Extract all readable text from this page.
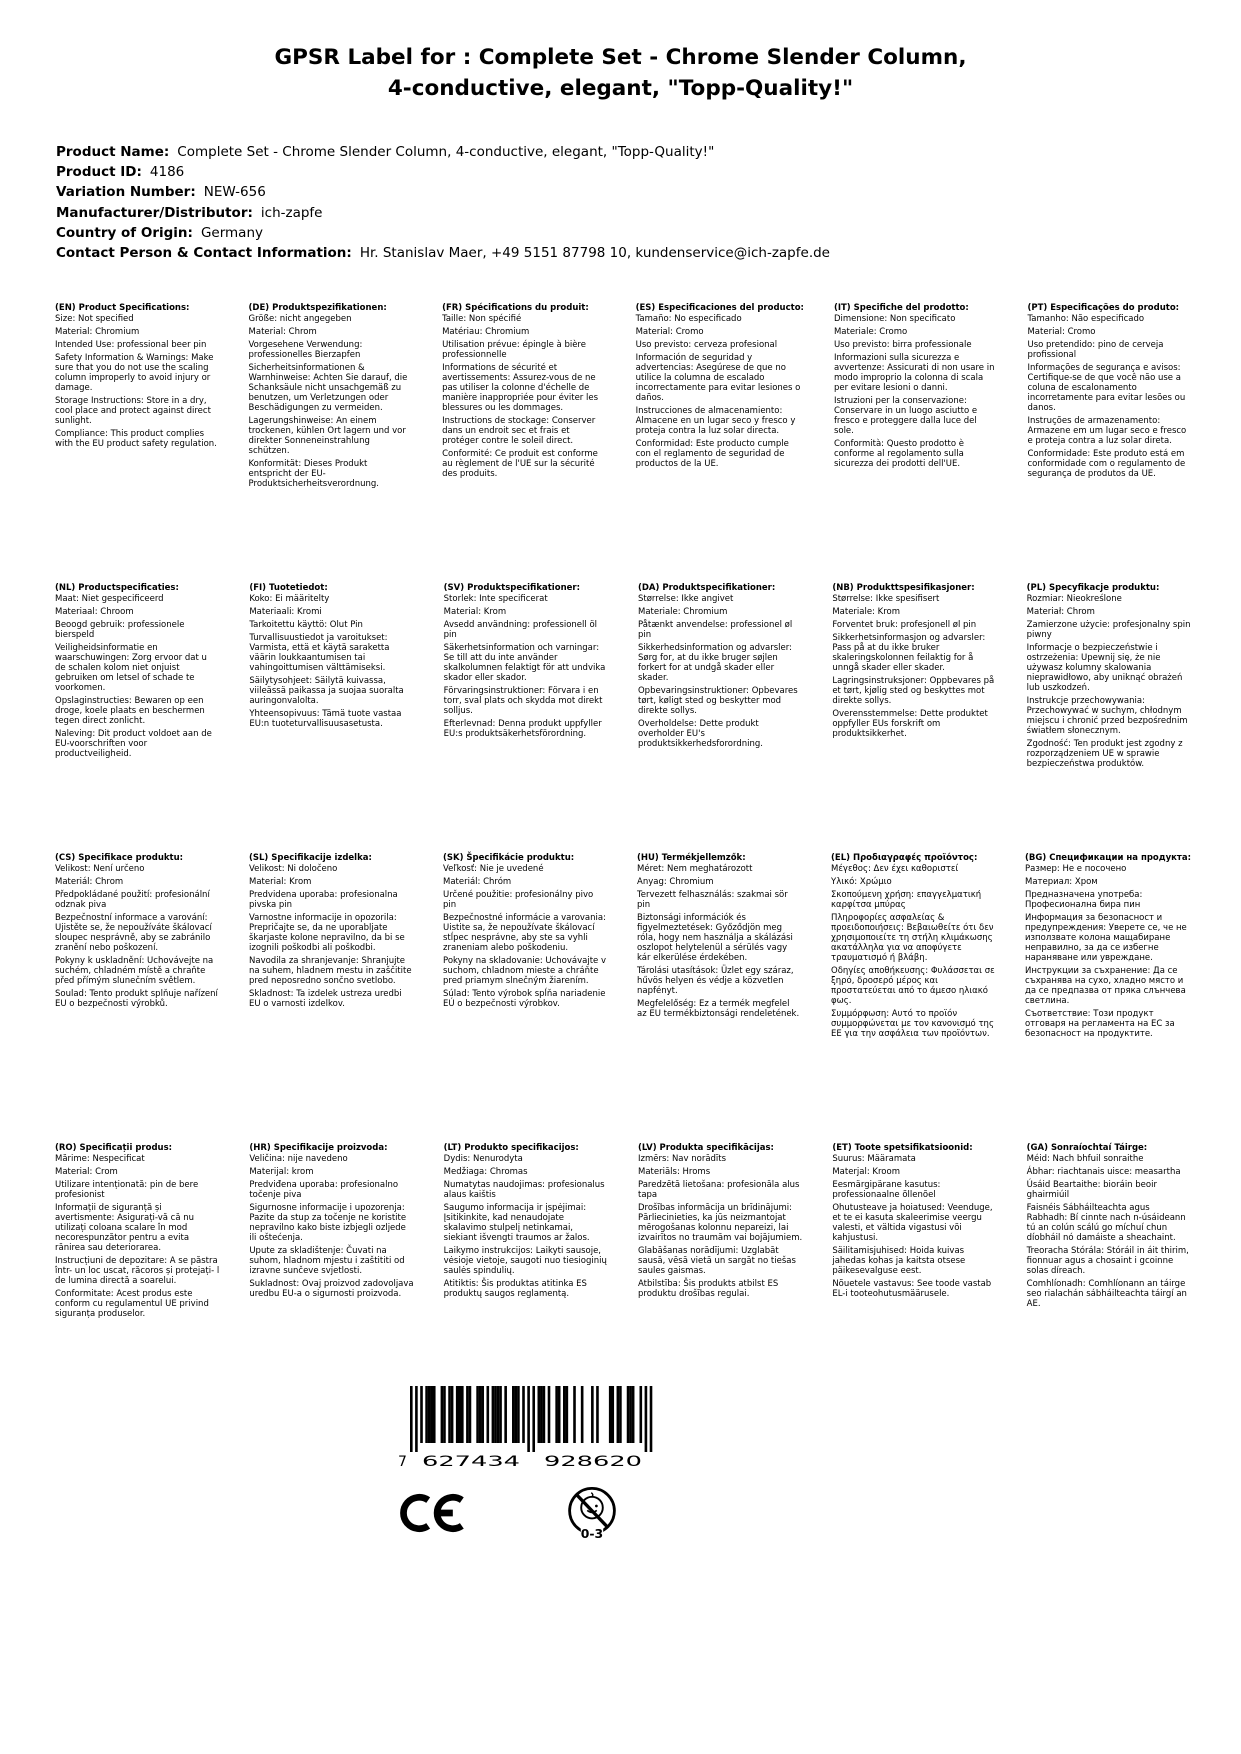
GPSR Label for : Complete Set - Chrome Slender Column,
4-conductive, elegant, "Topp-Quality!"
Product Name: Complete Set - Chrome Slender Column, 4-conductive, elegant, "Topp-Quality!"
Product ID: 4186
Variation Number: NEW-656
Manufacturer/Distributor: ich-zapfe
Country of Origin: Germany
Contact Person & Contact Information: Hr. Stanislav Maer, +49 5151 87798 10, kundenservice@ich-zapfe.de
(EN) Product Specifications:
Size: Not specified
Material: Chromium
Intended Use: professional beer pin
Safety Information & Warnings: Make sure that you do not use the scaling column improperly to avoid injury or damage.
Storage Instructions: Store in a dry, cool place and protect against direct sunlight.
Compliance: This product complies with the EU product safety regulation.
(DE) Produktspezifikationen:
Größe: nicht angegeben
Material: Chrom
Vorgesehene Verwendung: professionelles Bierzapfen
Sicherheitsinformationen & Warnhinweise: Achten Sie darauf, die Schanksäule nicht unsachgemäß zu benutzen, um Verletzungen oder Beschädigungen zu vermeiden.
Lagerungshinweise: An einem trockenen, kühlen Ort lagern und vor direkter Sonneneinstrahlung schützen.
Konformität: Dieses Produkt entspricht der EU-Produktsicherheitsverordnung.
(FR) Spécifications du produit:
Taille: Non spécifié
Matériau: Chromium
Utilisation prévue: épingle à bière professionnelle
Informations de sécurité et avertissements: Assurez-vous de ne pas utiliser la colonne d'échelle de manière inappropriée pour éviter les blessures ou les dommages.
Instructions de stockage: Conserver dans un endroit sec et frais et protéger contre le soleil direct.
Conformité: Ce produit est conforme au règlement de l'UE sur la sécurité des produits.
(ES) Especificaciones del producto:
Tamaño: No especificado
Material: Cromo
Uso previsto: cerveza profesional
Información de seguridad y advertencias: Asegúrese de que no utilice la columna de escalado incorrectamente para evitar lesiones o daños.
Instrucciones de almacenamiento: Almacene en un lugar seco y fresco y proteja contra la luz solar directa.
Conformidad: Este producto cumple con el reglamento de seguridad de productos de la UE.
(IT) Specifiche del prodotto:
Dimensione: Non specificato
Materiale: Cromo
Uso previsto: birra professionale
Informazioni sulla sicurezza e avvertenze: Assicurati di non usare in modo improprio la colonna di scala per evitare lesioni o danni.
Istruzioni per la conservazione: Conservare in un luogo asciutto e fresco e proteggere dalla luce del sole.
Conformità: Questo prodotto è conforme al regolamento sulla sicurezza dei prodotti dell'UE.
(PT) Especificações do produto:
Tamanho: Não especificado
Material: Cromo
Uso pretendido: pino de cerveja profissional
Informações de segurança e avisos: Certifique-se de que você não use a coluna de escalonamento incorretamente para evitar lesões ou danos.
Instruções de armazenamento: Armazene em um lugar seco e fresco e proteja contra a luz solar direta.
Conformidade: Este produto está em conformidade com o regulamento de segurança de produtos da UE.
(NL) Productspecificaties:
Maat: Niet gespecificeerd
Materiaal: Chroom
Beoogd gebruik: professionele bierspeld
Veiligheidsinformatie en waarschuwingen: Zorg ervoor dat u de schalen kolom niet onjuist gebruiken om letsel of schade te voorkomen.
Opslaginstructies: Bewaren op een droge, koele plaats en beschermen tegen direct zonlicht.
Naleving: Dit product voldoet aan de EU-voorschriften voor productveiligheid.
(FI) Tuotetiedot:
Koko: Ei määritelty
Materiaali: Kromi
Tarkoitettu käyttö: Olut Pin
Turvallisuustiedot ja varoitukset: Varmista, että et käytä saraketta väärin loukkaantumisen tai vahingoittumisen välttämiseksi.
Säilytysohjeet: Säilytä kuivassa, viileässä paikassa ja suojaa suoralta auringonvalolta.
Yhteensopivuus: Tämä tuote vastaa EU:n tuoteturvallisuusasetusta.
(SV) Produktspecifikationer:
Storlek: Inte specificerat
Material: Krom
Avsedd användning: professionell öl pin
Säkerhetsinformation och varningar: Se till att du inte använder skalkolumnen felaktigt för att undvika skador eller skador.
Förvaringsinstruktioner: Förvara i en torr, sval plats och skydda mot direkt solljus.
Efterlevnad: Denna produkt uppfyller EU:s produktsäkerhetsförordning.
(DA) Produktspecifikationer:
Størrelse: Ikke angivet
Materiale: Chromium
Påtænkt anvendelse: professionel øl pin
Sikkerhedsinformation og advarsler: Sørg for, at du ikke bruger søjlen forkert for at undgå skader eller skader.
Opbevaringsinstruktioner: Opbevares tørt, køligt sted og beskytter mod direkte sollys.
Overholdelse: Dette produkt overholder EU's produktsikkerhedsforordning.
(NB) Produkttspesifikasjoner:
Størrelse: Ikke spesifisert
Materiale: Krom
Forventet bruk: profesjonell øl pin
Sikkerhetsinformasjon og advarsler: Pass på at du ikke bruker skaleringskolonnen feilaktig for å unngå skader eller skader.
Lagringsinstruksjoner: Oppbevares på et tørt, kjølig sted og beskyttes mot direkte sollys.
Overensstemmelse: Dette produktet oppfyller EUs forskrift om produktsikkerhet.
(PL) Specyfikacje produktu:
Rozmiar: Nieokreślone
Materiał: Chrom
Zamierzone użycie: profesjonalny spin piwny
Informacje o bezpieczeństwie i ostrzeżenia: Upewnij się, że nie używasz kolumny skalowania nieprawidłowo, aby uniknąć obrażeń lub uszkodzeń.
Instrukcje przechowywania: Przechowywać w suchym, chłodnym miejscu i chronić przed bezpośrednim światłem słonecznym.
Zgodność: Ten produkt jest zgodny z rozporządzeniem UE w sprawie bezpieczeństwa produktów.
(CS) Specifikace produktu:
Velikost: Není určeno
Materiál: Chrom
Předpokládané použití: profesionální odznak piva
Bezpečnostní informace a varování: Ujistěte se, že nepoužíváte škálovací sloupec nesprávně, aby se zabránilo zranění nebo poškození.
Pokyny k uskladnění: Uchovávejte na suchém, chladném místě a chraňte před přímým slunečním světlem.
Soulad: Tento produkt splňuje nařízení EU o bezpečnosti výrobků.
(SL) Specifikacije izdelka:
Velikost: Ni določeno
Material: Krom
Predvidena uporaba: profesionalna pivska pin
Varnostne informacije in opozorila: Prepričajte se, da ne uporabljate škarjaste kolone nepravilno, da bi se izognili poškodbi ali poškodbi.
Navodila za shranjevanje: Shranjujte na suhem, hladnem mestu in zaščitite pred neposredno sončno svetlobo.
Skladnost: Ta izdelek ustreza uredbi EU o varnosti izdelkov.
(SK) Špecifikácie produktu:
Veľkosť: Nie je uvedené
Materiál: Chróm
Určené použitie: profesionálny pivo pin
Bezpečnostné informácie a varovania: Uistite sa, že nepoužívate škálovací stĺpec nesprávne, aby ste sa vyhli zraneniam alebo poškodeniu.
Pokyny na skladovanie: Uchovávajte v suchom, chladnom mieste a chráňte pred priamym slnečným žiarením.
Súlad: Tento výrobok spĺňa nariadenie EÚ o bezpečnosti výrobkov.
(HU) Termékjellemzők:
Méret: Nem meghatározott
Anyag: Chromium
Tervezett felhasználás: szakmai sör pin
Biztonsági információk és figyelmeztetések: Győződjön meg róla, hogy nem használja a skálázási oszlopot helytelenül a sérülés vagy kár elkerülése érdekében.
Tárolási utasítások: Üzlet egy száraz, hűvös helyen és védje a közvetlen napfényt.
Megfelelőség: Ez a termék megfelel az EU termékbiztonsági rendeletének.
(EL) Προδιαγραφές προϊόντος:
Μέγεθος: Δεν έχει καθοριστεί
Υλικό: Χρώμιο
Σκοπούμενη χρήση: επαγγελματική καρφίτσα μπύρας
Πληροφορίες ασφαλείας & προειδοποιήσεις: Βεβαιωθείτε ότι δεν χρησιμοποιείτε τη στήλη κλιμάκωσης ακατάλληλα για να αποφύγετε τραυματισμό ή βλάβη.
Οδηγίες αποθήκευσης: Φυλάσσεται σε ξηρό, δροσερό μέρος και προστατεύεται από το άμεσο ηλιακό φως.
Συμμόρφωση: Αυτό το προϊόν συμμορφώνεται με τον κανονισμό της ΕΕ για την ασφάλεια των προϊόντων.
(BG) Спецификации на продукта:
Размер: Не е посочено
Материал: Хром
Предназначена употреба: Професионална бира пин
Информация за безопасност и предупреждения: Уверете се, че не използвате колона мащабиране неправилно, за да се избегне нараняване или увреждане.
Инструкции за съхранение: Да се съхранява на сухо, хладно място и да се предпазва от пряка слънчева светлина.
Съответствие: Този продукт отговаря на регламента на ЕС за безопасност на продуктите.
(RO) Specificații produs:
Mărime: Nespecificat
Material: Crom
Utilizare intenționată: pin de bere profesionist
Informații de siguranță și avertismente: Asigurați-vă că nu utilizați coloana scalare în mod necorespunzător pentru a evita rănirea sau deteriorarea.
Instrucțiuni de depozitare: A se păstra într- un loc uscat, răcoros și protejați- l de lumina directă a soarelui.
Conformitate: Acest produs este conform cu regulamentul UE privind siguranța produselor.
(HR) Specifikacije proizvoda:
Veličina: nije navedeno
Materijal: krom
Predviđena uporaba: profesionalno točenje piva
Sigurnosne informacije i upozorenja: Pazite da stup za točenje ne koristite nepravilno kako biste izbjegli ozljede ili oštećenja.
Upute za skladištenje: Čuvati na suhom, hladnom mjestu i zaštititi od izravne sunčeve svjetlosti.
Sukladnost: Ovaj proizvod zadovoljava uredbu EU-a o sigurnosti proizvoda.
(LT) Produkto specifikacijos:
Dydis: Nenurodyta
Medžiaga: Chromas
Numatytas naudojimas: profesionalus alaus kaištis
Saugumo informacija ir įspėjimai: Įsitikinkite, kad nenaudojate skalavimo stulpelį netinkamai, siekiant išvengti traumos ar žalos.
Laikymo instrukcijos: Laikyti sausoje, vėsioje vietoje, saugoti nuo tiesioginių saulės spindulių.
Atitiktis: Šis produktas atitinka ES produktų saugos reglamentą.
(LV) Produkta specifikācijas:
Izmērs: Nav norādīts
Materiāls: Hroms
Paredzētā lietošana: profesionāla alus tapa
Drošības informācija un brīdinājumi: Pārliecinieties, ka jūs neizmantojat mērogošanas kolonnu nepareizi, lai izvairītos no traumām vai bojājumiem.
Glabāšanas norādījumi: Uzglabāt sausā, vēsā vietā un sargāt no tiešas saules gaismas.
Atbilstība: Šis produkts atbilst ES produktu drošības regulai.
(ET) Toote spetsifikatsioonid:
Suurus: Määramata
Materjal: Kroom
Eesmärgipärane kasutus: professionaalne õllenõel
Ohutusteave ja hoiatused: Veenduge, et te ei kasuta skaleerimise veergu valesti, et vältida vigastusi või kahjustusi.
Säilitamisjuhised: Hoida kuivas jahedas kohas ja kaitsta otsese päikesevalguse eest.
Nõuetele vastavus: See toode vastab EL-i tooteohutusmäärusele.
(GA) Sonraíochtaí Táirge:
Méid: Nach bhfuil sonraithe
Ábhar: riachtanais uisce: measartha
Úsáid Beartaithe: bioráin beoir ghairmiúil
Faisnéis Sábháilteachta agus Rabhadh: Bí cinnte nach n-úsáideann tú an colún scálú go míchuí chun díobháil nó damáiste a sheachaint.
Treoracha Stórála: Stóráil in áit thirim, fionnuar agus a chosaint i gcoinne solas díreach.
Comhlíonadh: Comhlíonann an táirge seo rialachán sábháilteachta táirgí an AE.
7 627434 928620
0-3
